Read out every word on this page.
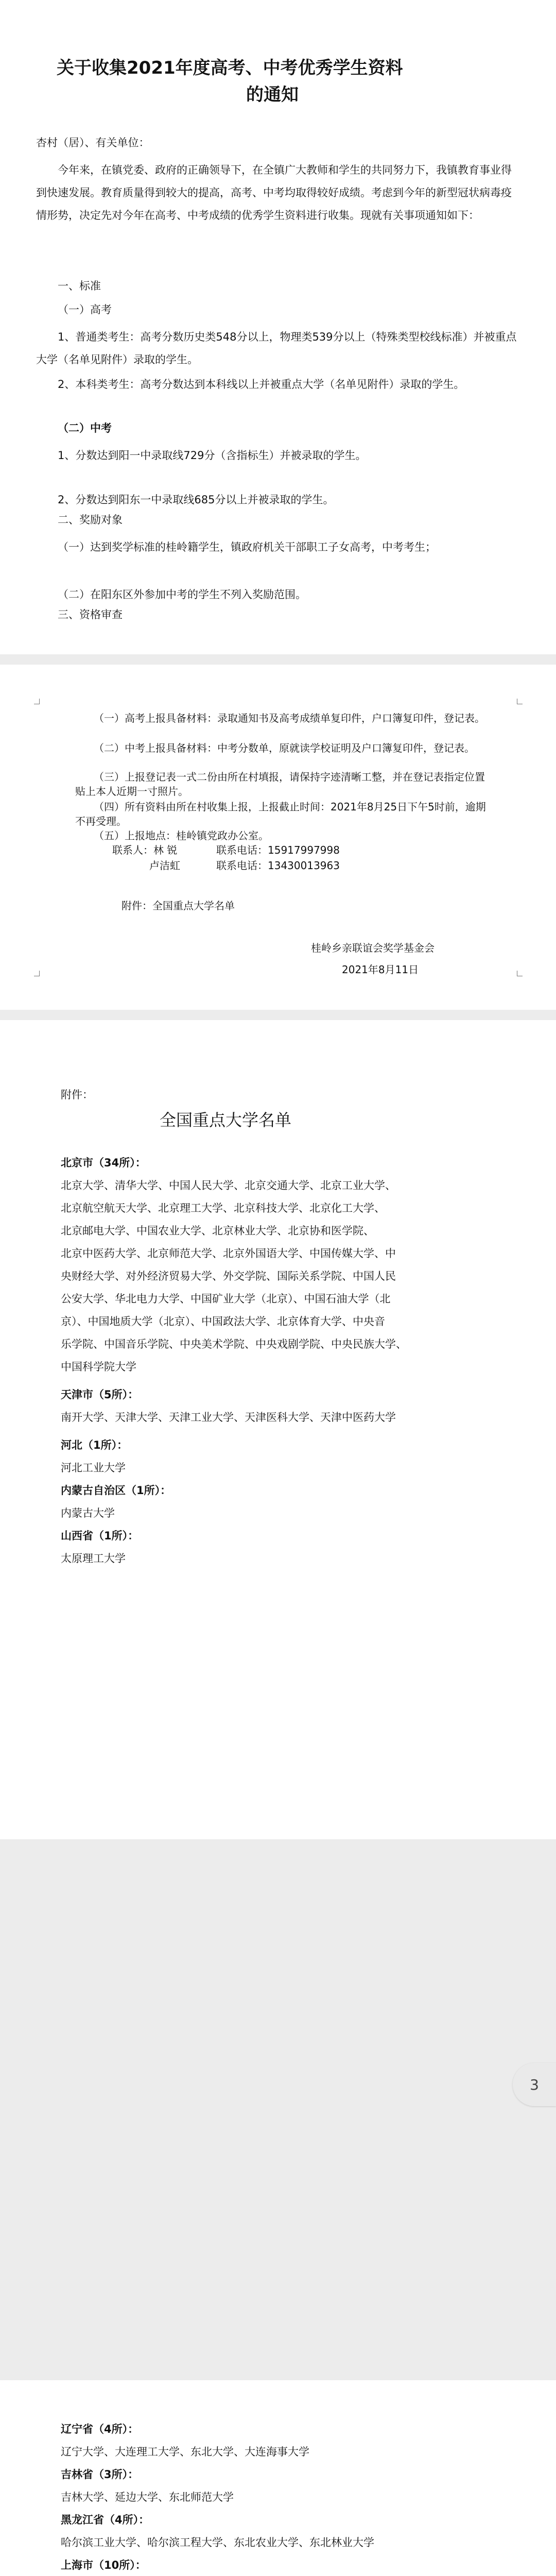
关于收集2021年度高考、中考优秀学生资料
的通知
杏村（居）、有关单位：
今年来，在镇党委、政府的正确领导下，在全镇广大教师和学生的共同努力下，我镇教育事业得到快速发展。教育质量得到较大的提高，高考、中考均取得较好成绩。考虑到今年的新型冠状病毒疫情形势，决定先对今年在高考、中考成绩的优秀学生资料进行收集。现就有关事项通知如下：
一、标准
（一）高考
1、普通类考生：高考分数历史类548分以上，物理类539分以上（特殊类型校线标准）并被重点大学（名单见附件）录取的学生。
2、本科类考生：高考分数达到本科线以上并被重点大学（名单见附件）录取的学生。
（二）中考
1、分数达到阳一中录取线729分（含指标生）并被录取的学生。
2、分数达到阳东一中录取线685分以上并被录取的学生。
二、奖励对象
（一）达到奖学标准的桂岭籍学生，镇政府机关干部职工子女高考，中考考生；
（二）在阳东区外参加中考的学生不列入奖励范围。
三、资格审查
（一）高考上报具备材料：录取通知书及高考成绩单复印件，户口簿复印件，登记表。
（二）中考上报具备材料：中考分数单，原就读学校证明及户口簿复印件，登记表。
（三）上报登记表一式二份由所在村填报，请保持字迹清晰工整，并在登记表指定位置贴上本人近期一寸照片。
（四）所有资料由所在村收集上报，上报截止时间：2021年8月25日下午5时前，逾期不再受理。
（五）上报地点：桂岭镇党政办公室。
联系人：林 锐	联系电话：15917997998
卢洁虹	联系电话：13430013963
附件：全国重点大学名单
桂岭乡亲联谊会奖学基金会
2021年8月11日
附件：
全国重点大学名单
北京市（34所）：
北京大学、清华大学、中国人民大学、北京交通大学、北京工业大学、
北京航空航天大学、北京理工大学、北京科技大学、北京化工大学、
北京邮电大学、中国农业大学、北京林业大学、北京协和医学院、
北京中医药大学、北京师范大学、北京外国语大学、中国传媒大学、中
央财经大学、对外经济贸易大学、外交学院、国际关系学院、中国人民
公安大学、华北电力大学、中国矿业大学（北京）、中国石油大学（北
京）、中国地质大学（北京）、中国政法大学、北京体育大学、中央音
乐学院、中国音乐学院、中央美术学院、中央戏剧学院、中央民族大学、
中国科学院大学
天津市（5所）：
南开大学、天津大学、天津工业大学、天津医科大学、天津中医药大学
河北（1所）：
河北工业大学
内蒙古自治区（1所）：
内蒙古大学
山西省（1所）：
太原理工大学
3
辽宁省（4所）：
辽宁大学、大连理工大学、东北大学、大连海事大学
吉林省（3所）：
吉林大学、延边大学、东北师范大学
黑龙江省（4所）：
哈尔滨工业大学、哈尔滨工程大学、东北农业大学、东北林业大学
上海市（10所）：
